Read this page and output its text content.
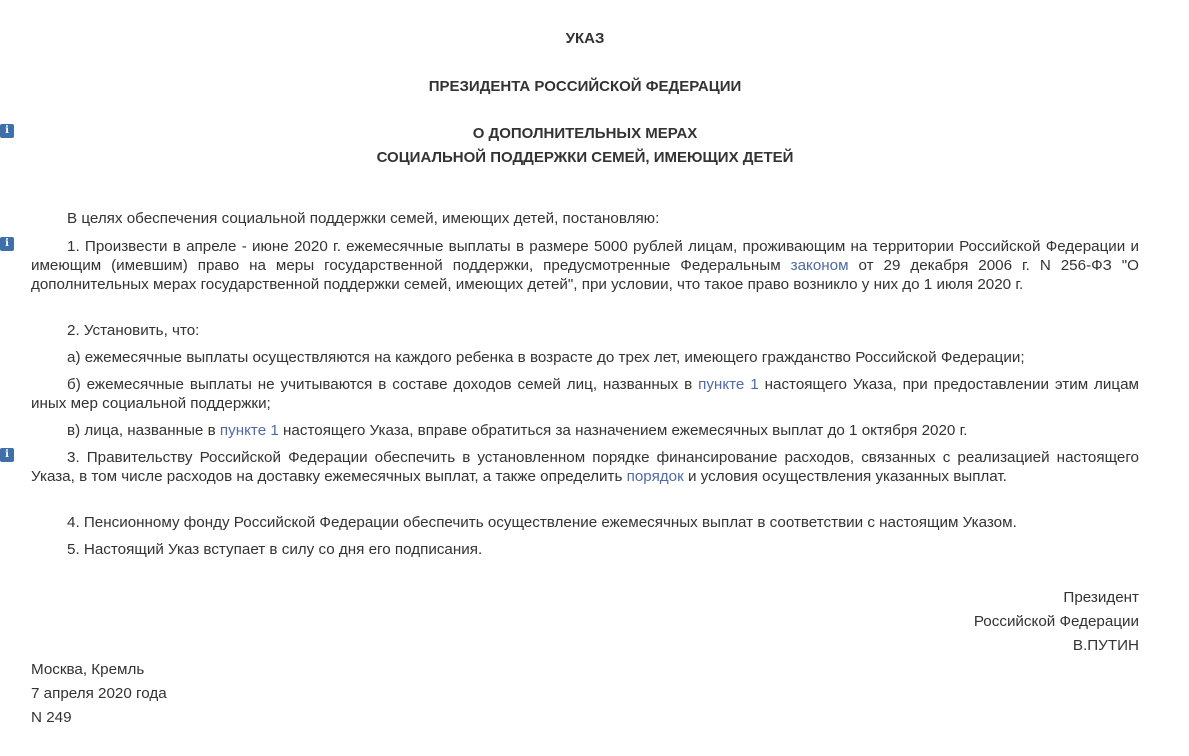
i
i
i
УКАЗ
ПРЕЗИДЕНТА РОССИЙСКОЙ ФЕДЕРАЦИИ
О ДОПОЛНИТЕЛЬНЫХ МЕРАХ
СОЦИАЛЬНОЙ ПОДДЕРЖКИ СЕМЕЙ, ИМЕЮЩИХ ДЕТЕЙ

В целях обеспечения социальной поддержки семей, имеющих детей, постановляю:

1. Произвести в апреле - июне 2020 г. ежемесячные выплаты в размере 5000 рублей лицам, проживающим на территории Российской Федерации и имеющим (имевшим) право на меры государственной поддержки, предусмотренные Федеральным законом от 29 декабря 2006 г. N 256-ФЗ "О дополнительных мерах государственной поддержки семей, имеющих детей", при условии, что такое право возникло у них до 1 июля 2020 г.

2. Установить, что:

а) ежемесячные выплаты осуществляются на каждого ребенка в возрасте до трех лет, имеющего гражданство Российской Федерации;

б) ежемесячные выплаты не учитываются в составе доходов семей лиц, названных в пункте 1 настоящего Указа, при предоставлении этим лицам иных мер социальной поддержки;

в) лица, названные в пункте 1 настоящего Указа, вправе обратиться за назначением ежемесячных выплат до 1 октября 2020 г.

3. Правительству Российской Федерации обеспечить в установленном порядке финансирование расходов, связанных с реализацией настоящего Указа, в том числе расходов на доставку ежемесячных выплат, а также определить порядок и условия осуществления указанных выплат.

4. Пенсионному фонду Российской Федерации обеспечить осуществление ежемесячных выплат в соответствии с настоящим Указом.

5. Настоящий Указ вступает в силу со дня его подписания.

Президент
Российской Федерации
В.ПУТИН
Москва, Кремль
7 апреля 2020 года
N 249
